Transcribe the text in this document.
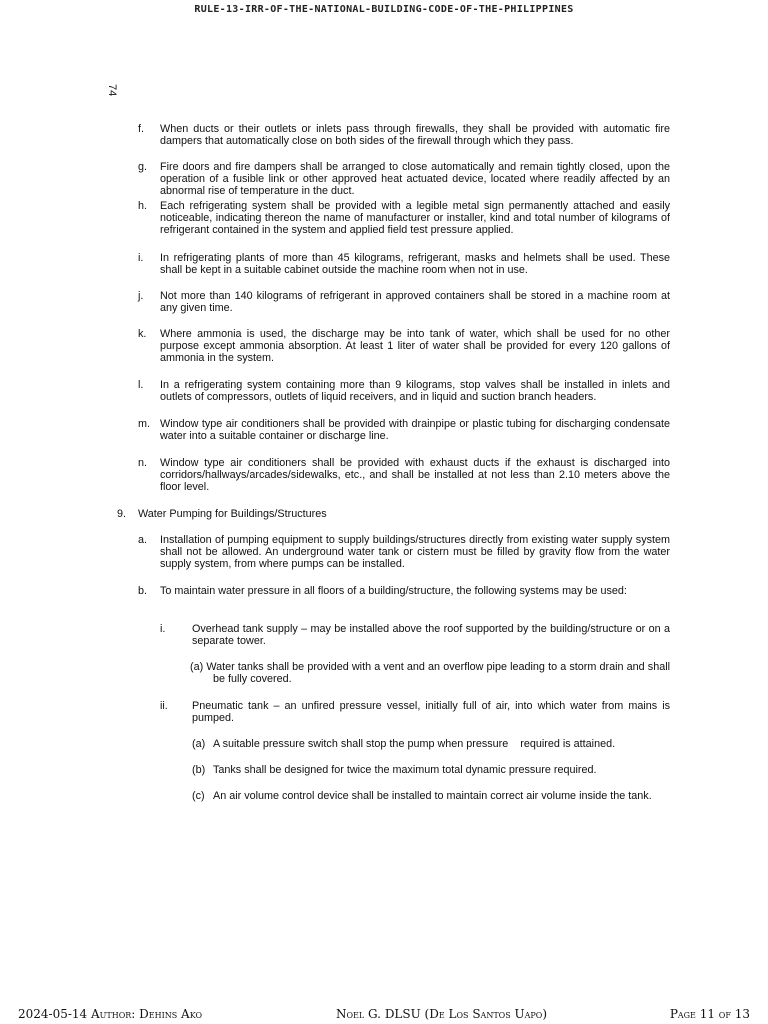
RULE-13-IRR-OF-THE-NATIONAL-BUILDING-CODE-OF-THE-PHILIPPINES
74
f. When ducts or their outlets or inlets pass through firewalls, they shall be provided with automatic fire dampers that automatically close on both sides of the firewall through which they pass.
g. Fire doors and fire dampers shall be arranged to close automatically and remain tightly closed, upon the operation of a fusible link or other approved heat actuated device, located where readily affected by an abnormal rise of temperature in the duct.
h. Each refrigerating system shall be provided with a legible metal sign permanently attached and easily noticeable, indicating thereon the name of manufacturer or installer, kind and total number of kilograms of refrigerant contained in the system and applied field test pressure applied.
i. In refrigerating plants of more than 45 kilograms, refrigerant, masks and helmets shall be used. These shall be kept in a suitable cabinet outside the machine room when not in use.
j. Not more than 140 kilograms of refrigerant in approved containers shall be stored in a machine room at any given time.
k. Where ammonia is used, the discharge may be into tank of water, which shall be used for no other purpose except ammonia absorption. At least 1 liter of water shall be provided for every 120 gallons of ammonia in the system.
l. In a refrigerating system containing more than 9 kilograms, stop valves shall be installed in inlets and outlets of compressors, outlets of liquid receivers, and in liquid and suction branch headers.
m. Window type air conditioners shall be provided with drainpipe or plastic tubing for discharging condensate water into a suitable container or discharge line.
n. Window type air conditioners shall be provided with exhaust ducts if the exhaust is discharged into corridors/hallways/arcades/sidewalks, etc., and shall be installed at not less than 2.10 meters above the floor level.
9. Water Pumping for Buildings/Structures
a. Installation of pumping equipment to supply buildings/structures directly from existing water supply system shall not be allowed. An underground water tank or cistern must be filled by gravity flow from the water supply system, from where pumps can be installed.
b. To maintain water pressure in all floors of a building/structure, the following systems may be used:
i. Overhead tank supply – may be installed above the roof supported by the building/structure or on a separate tower.
(a) Water tanks shall be provided with a vent and an overflow pipe leading to a storm drain and shall be fully covered.
ii. Pneumatic tank – an unfired pressure vessel, initially full of air, into which water from mains is pumped.
(a) A suitable pressure switch shall stop the pump when pressure    required is attained.
(b) Tanks shall be designed for twice the maximum total dynamic pressure required.
(c) An air volume control device shall be installed to maintain correct air volume inside the tank.
2024-05-14 Author: Dehins Ako	Noel G. DLSU (De Los Santos Uapo)	Page 11 of 13
